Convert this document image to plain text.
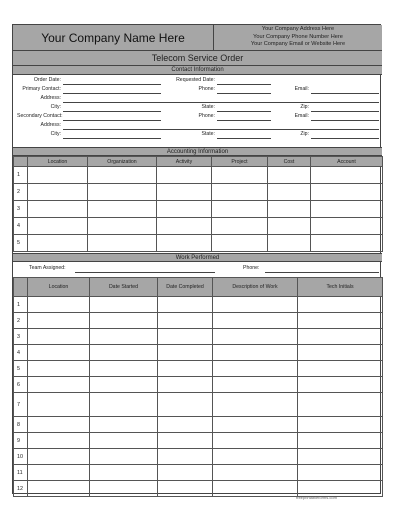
Your Company Name Here
Your Company Address Here
Your Company Phone Number Here
Your Company Email or Website Here
Telecom Service Order
Contact Information
Order Date:	Requested Date:
Primary Contact:	Phone:	Email:
Address:
City:	State:	Zip:
Secondary Contact:	Phone:	Email:
Address:
City:	State:	Zip:
Accounting Information
	Location	Organization	Activity	Project	Cost	Account
1						
2						
3						
4						
5						
Work Performed
Team Assigned:	Phone:
	Location	Date Started	Date Completed	Description of Work	Tech Initials
1					
2					
3					
4					
5					
6					
7					
8					
9					
10					
11					
12					
freeprintableforms.com
